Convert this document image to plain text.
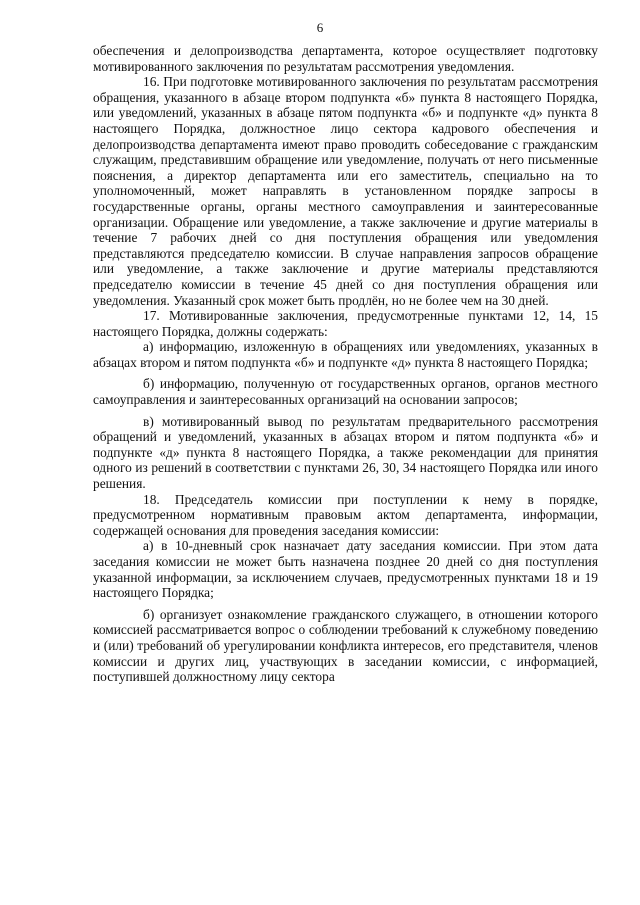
6

обеспечения и делопроизводства департамента, которое осуществляет подготовку мотивированного заключения по результатам рассмотрения уведомления.

16. При подготовке мотивированного заключения по результатам рассмотрения обращения, указанного в абзаце втором подпункта «б» пункта 8 настоящего Порядка, или уведомлений, указанных в абзаце пятом подпункта «б» и подпункте «д» пункта 8 настоящего Порядка, должностное лицо сектора кадрового обеспечения и делопроизводства департамента имеют право проводить собеседование с гражданским служащим, представившим обращение или уведомление, получать от него письменные пояснения, а директор департамента или его заместитель, специально на то уполномоченный, может направлять в установленном порядке запросы в государственные органы, органы местного самоуправления и заинтересованные организации. Обращение или уведомление, а также заключение и другие материалы в течение 7 рабочих дней со дня поступления обращения или уведомления представляются председателю комиссии. В случае направления запросов обращение или уведомление, а также заключение и другие материалы представляются председателю комиссии в течение 45 дней со дня поступления обращения или уведомления. Указанный срок может быть продлён, но не более чем на 30 дней.

17. Мотивированные заключения, предусмотренные пунктами 12, 14, 15 настоящего Порядка, должны содержать:

а) информацию, изложенную в обращениях или уведомлениях, указанных в абзацах втором и пятом подпункта «б» и подпункте «д» пункта 8 настоящего Порядка;

б) информацию, полученную от государственных органов, органов местного самоуправления и заинтересованных организаций на основании запросов;

в) мотивированный вывод по результатам предварительного рассмотрения обращений и уведомлений, указанных в абзацах втором и пятом подпункта «б» и подпункте «д» пункта 8 настоящего Порядка, а также рекомендации для принятия одного из решений в соответствии с пунктами 26, 30, 34 настоящего Порядка или иного решения.

18. Председатель комиссии при поступлении к нему в порядке, предусмотренном нормативным правовым актом департамента, информации, содержащей основания для проведения заседания комиссии:

а) в 10-дневный срок назначает дату заседания комиссии. При этом дата заседания комиссии не может быть назначена позднее 20 дней со дня поступления указанной информации, за исключением случаев, предусмотренных пунктами 18 и 19 настоящего Порядка;

б) организует ознакомление гражданского служащего, в отношении которого комиссией рассматривается вопрос о соблюдении требований к служебному поведению и (или) требований об урегулировании конфликта интересов, его представителя, членов комиссии и других лиц, участвующих в заседании комиссии, с информацией, поступившей должностному лицу сектора
